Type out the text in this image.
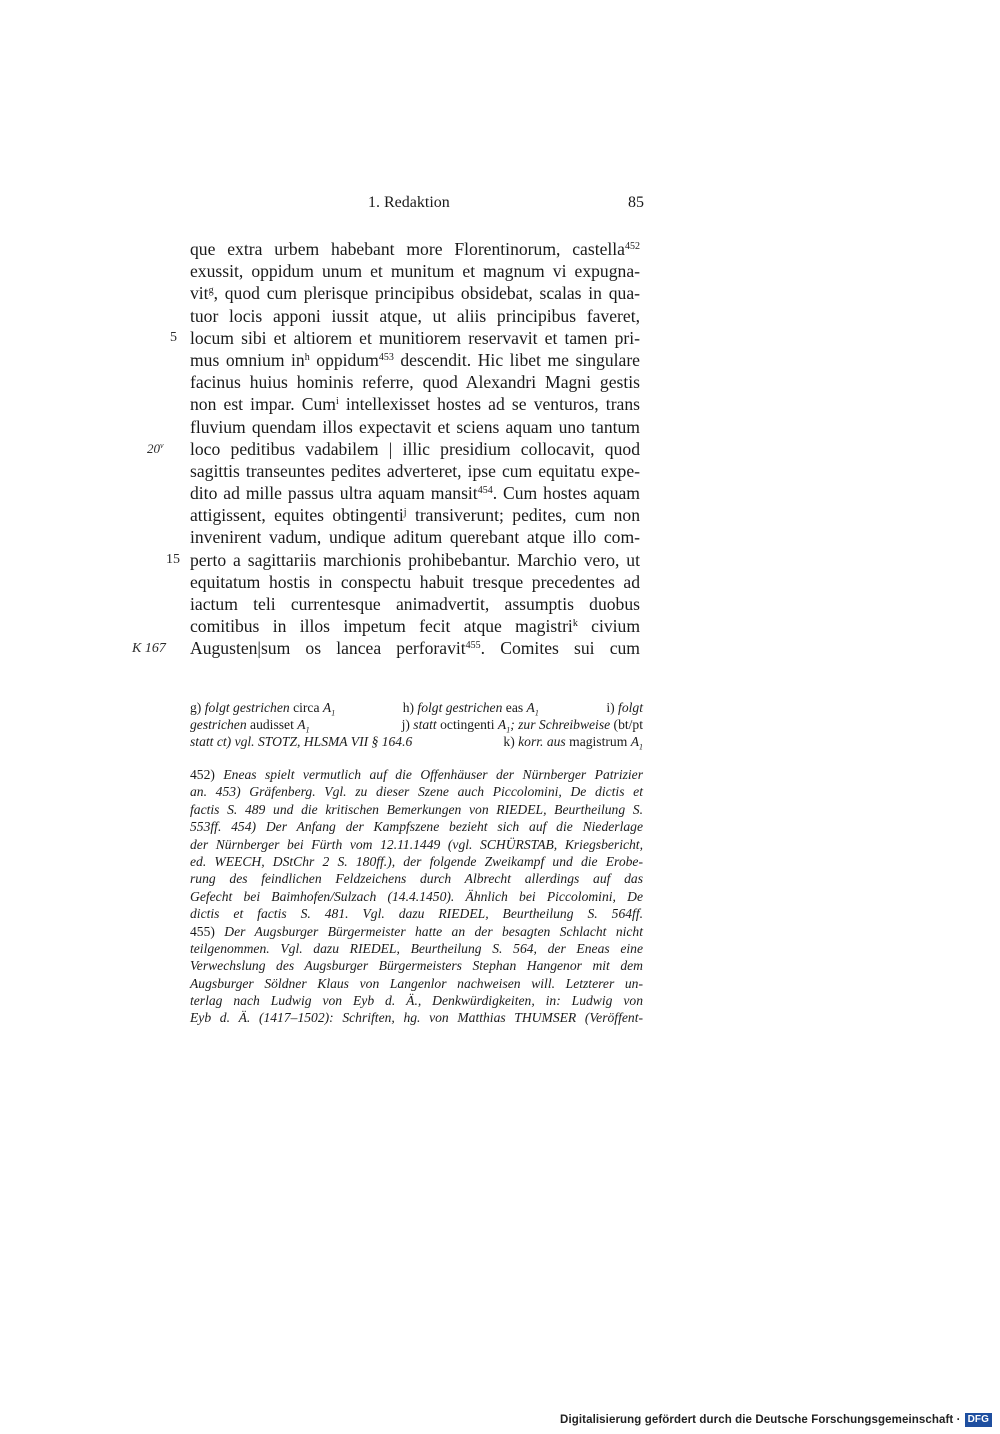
1. Redaktion	85
5
20$^v$
15
K 167
que extra urbem habebant more Florentinorum, castella$^{452}$
exussit, oppidum unum et munitum et magnum vi expugna-
vit$^g$, quod cum plerisque principibus obsidebat, scalas in qua-
tuor locis apponi iussit atque, ut aliis principibus faveret,
locum sibi et altiorem et munitiorem reservavit et tamen pri-
mus omnium $in^h$ oppidum$^{453}$ descendit. Hic libet me singulare
facinus huius hominis referre, quod Alexandri Magni gestis
non est impar. Cum$^i$ intellexisset hostes ad se venturos, trans
fluvium quendam illos expectavit et sciens aquam uno tantum
loco peditibus vadabilem | illic presidium collocavit, quod
sagittis transeuntes pedites adverteret, ipse cum equitatu expe-
dito ad mille passus ultra aquam mansit$^{454}$. Cum hostes aquam
attigissent, equites obtingenti$^j$ transiverunt; pedites, cum non
invenirent vadum, undique aditum querebant atque illo com-
perto a sagittariis marchionis prohibebantur. Marchio vero, ut
equitatum hostis in conspectu habuit tresque precedentes ad
iactum teli currentesque animadvertit, assumptis duobus
comitibus in illos impetum fecit atque magistri$^k$ civium
Augusten|sum os lancea perforavit$^{455}$. Comites sui cum
g) folgt gestrichen circa $A_1$	h) folgt gestrichen eas $A_1$	i) folgt
gestrichen audisset $A_1$	j) statt octingenti $A_1$; zur Schreibweise (bt/pt
statt ct) vgl. STOTZ, HLSMA VII § 164.6	k) korr. aus magistrum $A_1$
452) Eneas spielt vermutlich auf die Offenhäuser der Nürnberger Patrizier
an. 453) Gräfenberg. Vgl. zu dieser Szene auch Piccolomini, De dictis et
factis S. 489 und die kritischen Bemerkungen von RIEDEL, Beurtheilung S.
553ff. 454) Der Anfang der Kampfszene bezieht sich auf die Niederlage
der Nürnberger bei Fürth vom 12.11.1449 (vgl. SCHÜRSTAB, Kriegsbericht,
ed. WEECH, DStChr 2 S. 180ff.), der folgende Zweikampf und die Erobe-
rung des feindlichen Feldzeichens durch Albrecht allerdings auf das
Gefecht bei Baimhofen/Sulzach (14.4.1450). Ähnlich bei Piccolomini, De
dictis et factis S. 481. Vgl. dazu RIEDEL, Beurtheilung S. 564ff.
455) Der Augsburger Bürgermeister hatte an der besagten Schlacht nicht
teilgenommen. Vgl. dazu RIEDEL, Beurtheilung S. 564, der Eneas eine
Verwechslung des Augsburger Bürgermeisters Stephan Hangenor mit dem
Augsburger Söldner Klaus von Langenlor nachweisen will. Letzterer un-
terlag nach Ludwig von Eyb d. Ä., Denkwürdigkeiten, in: Ludwig von
Eyb d. Ä. (1417–1502): Schriften, hg. von Matthias THUMSER (Veröffent-
Digitalisierung gefördert durch die Deutsche Forschungsgemeinschaft · DFG
